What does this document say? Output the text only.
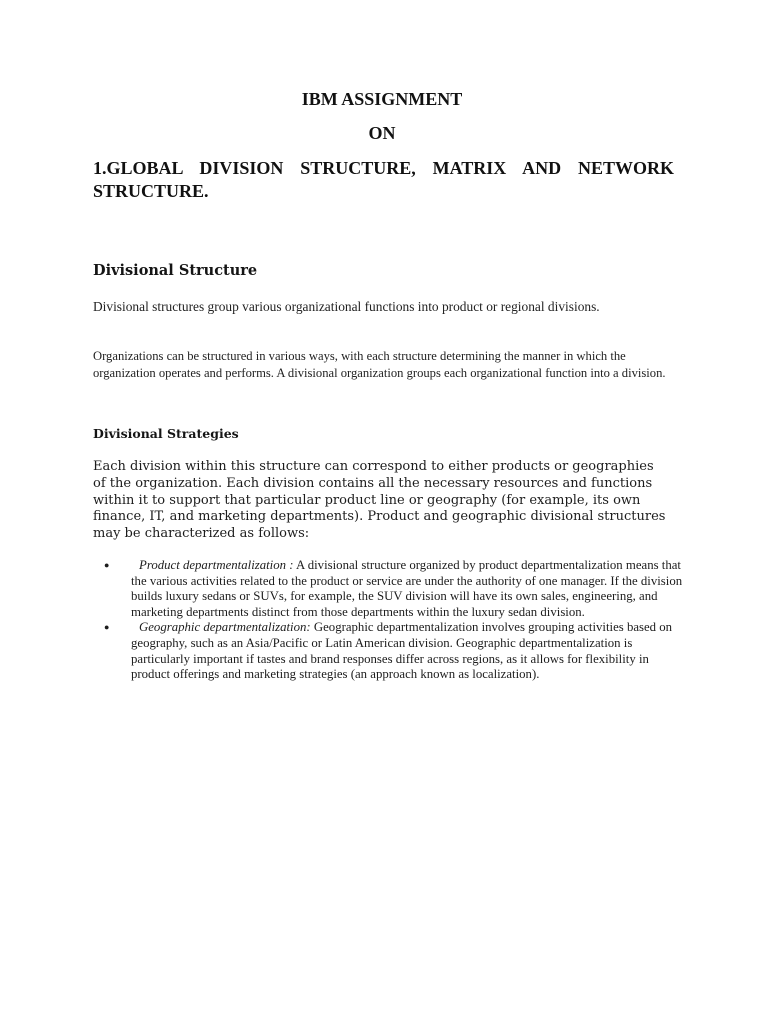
IBM ASSIGNMENT
ON
1.GLOBAL DIVISION STRUCTURE, MATRIX AND NETWORK STRUCTURE.
Divisional Structure

Divisional structures group various organizational functions into product or regional divisions.

Organizations can be structured in various ways, with each structure determining the manner in which the organization operates and performs. A divisional organization groups each organizational function into a division.

Divisional Strategies

Each division within this structure can correspond to either products or geographies of the organization. Each division contains all the necessary resources and functions within it to support that particular product line or geography (for example, its own finance, IT, and marketing departments). Product and geographic divisional structures may be characterized as follows:

● Product departmentalization : A divisional structure organized by product departmentalization means that the various activities related to the product or service are under the authority of one manager. If the division builds luxury sedans or SUVs, for example, the SUV division will have its own sales, engineering, and marketing departments distinct from those departments within the luxury sedan division.
● Geographic departmentalization: Geographic departmentalization involves grouping activities based on geography, such as an Asia/Pacific or Latin American division. Geographic departmentalization is particularly important if tastes and brand responses differ across regions, as it allows for flexibility in product offerings and marketing strategies (an approach known as localization).
